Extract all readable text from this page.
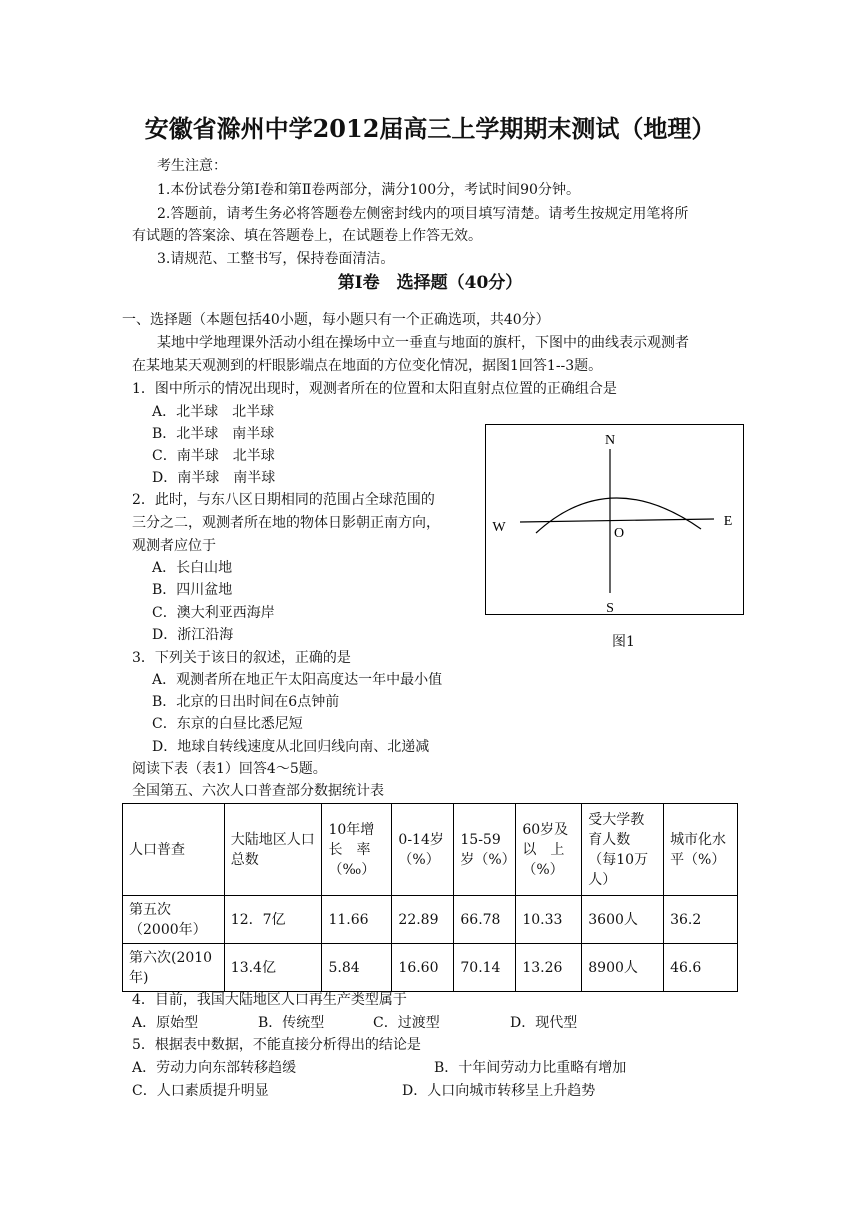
安徽省滁州中学2012届高三上学期期末测试（地理）
考生注意：
1.本份试卷分第Ⅰ卷和第Ⅱ卷两部分，满分100分，考试时间90分钟。
2.答题前，请考生务必将答题卷左侧密封线内的项目填写清楚。请考生按规定用笔将所
有试题的答案涂、填在答题卷上，在试题卷上作答无效。
3.请规范、工整书写，保持卷面清洁。
第Ⅰ卷　选择题（40分）
一、选择题（本题包括40小题，每小题只有一个正确选项，共40分）
某地中学地理课外活动小组在操场中立一垂直与地面的旗杆，下图中的曲线表示观测者
在某地某天观测到的杆眼影端点在地面的方位变化情况，据图1回答1--3题。
1．图中所示的情况出现时，观测者所在的位置和太阳直射点位置的正确组合是
A．北半球　北半球
B．北半球　南半球
C．南半球　北半球
D．南半球　南半球
2．此时，与东八区日期相同的范围占全球范围的
三分之二，观测者所在地的物体日影朝正南方向，
观测者应位于
A．长白山地
B．四川盆地
C．澳大利亚西海岸
D．浙江沿海
N
S
W	E
O
图1
3．下列关于该日的叙述，正确的是
A．观测者所在地正午太阳高度达一年中最小值
B．北京的日出时间在6点钟前
C．东京的白昼比悉尼短
D．地球自转线速度从北回归线向南、北递减
阅读下表（表1）回答4～5题。
全国第五、六次人口普查部分数据统计表
人口普查	大陆地区人口总数	10年增长　率（‰）	0-14岁（%）	15-59岁（%）	60岁及以　上（%）	受大学教育人数（每10万人）	城市化水　平（%）
第五次（2000年）	12．7亿	11.66	22.89	66.78	10.33	3600人	36.2
第六次(2010年)	13.4亿	5.84	16.60	70.14	13.26	8900人	46.6
4．目前，我国大陆地区人口再生产类型属于
A．原始型	B．传统型	C．过渡型	D．现代型
5．根据表中数据，不能直接分析得出的结论是
A．劳动力向东部转移趋缓	B．十年间劳动力比重略有增加
C．人口素质提升明显	D．人口向城市转移呈上升趋势
